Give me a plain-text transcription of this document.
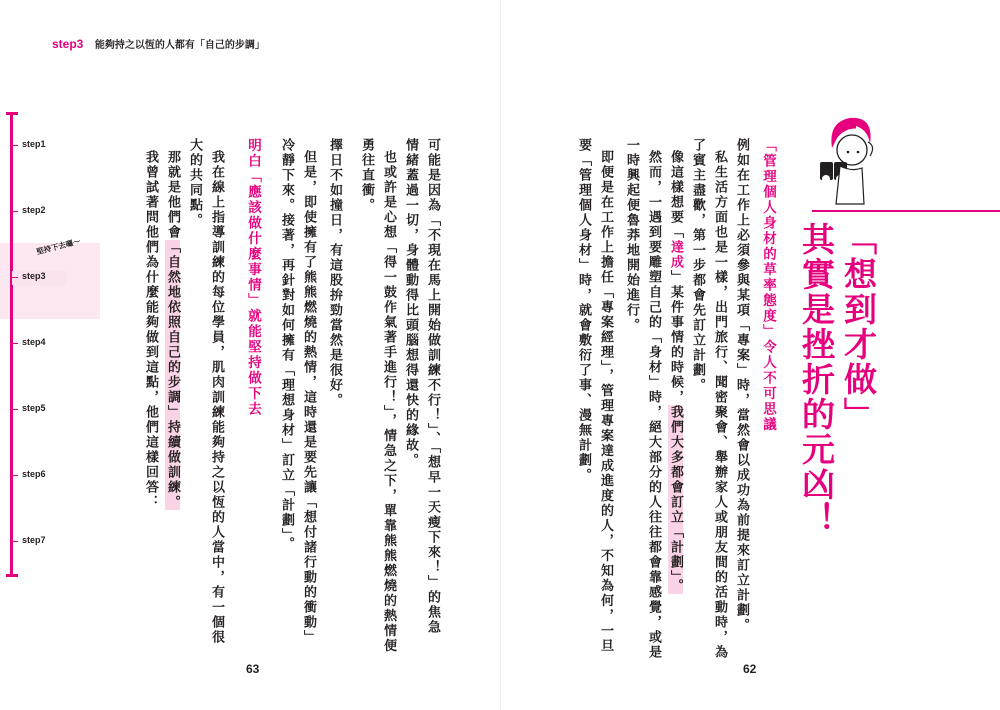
step3 能夠持之以恆的人都有「自己的步調」
step1
step2
step3
step4
step5
step6
step7
堅持下去囉～	「想到才做」
其實是挫折的元凶！
「管理個人身材的草率態度」令人不可思議
例如在工作上必須參與某項「專案」時，當然會以成功為前提來訂立計劃。
私生活方面也是一樣，出門旅行、聞密聚會、舉辦家人或朋友間的活動時，為
了賓主盡歡，第一步都會先訂立計劃。
像這樣想要「達成」某件事情的時候，我們大多都會訂立「計劃」。
然而，一遇到要雕塑自己的「身材」時，絕大部分的人往往都會靠感覺，或是
一時興起便魯莽地開始進行。
即便是在工作上擔任「專案經理」，管理專案達成進度的人，不知為何，一旦
要「管理個人身材」時，就會敷衍了事、漫無計劃。
62
可能是因為「不現在馬上開始做訓練不行！」、「想早一天瘦下來！」的焦急
情緒蓋過一切，身體動得比頭腦想得還快的緣故。
也或許是心想「得一鼓作氣著手進行！」，情急之下，單靠熊熊燃燒的熱情便
勇往直衝。
擇日不如撞日，有這股拚勁當然是很好。
但是，即使擁有了熊熊燃燒的熱情，這時還是要先讓「想付諸行動的衝動」
冷靜下來。接著，再針對如何擁有「理想身材」訂立「計劃」。
明白「應該做什麼事情」就能堅持做下去
我在線上指導訓練的每位學員，肌肉訓練能夠持之以恆的人當中，有一個很
大的共同點。
那就是他們會「自然地依照自己的步調」持續做訓練。
我曾試著問他們為什麼能夠做到這點，他們這樣回答：
63
